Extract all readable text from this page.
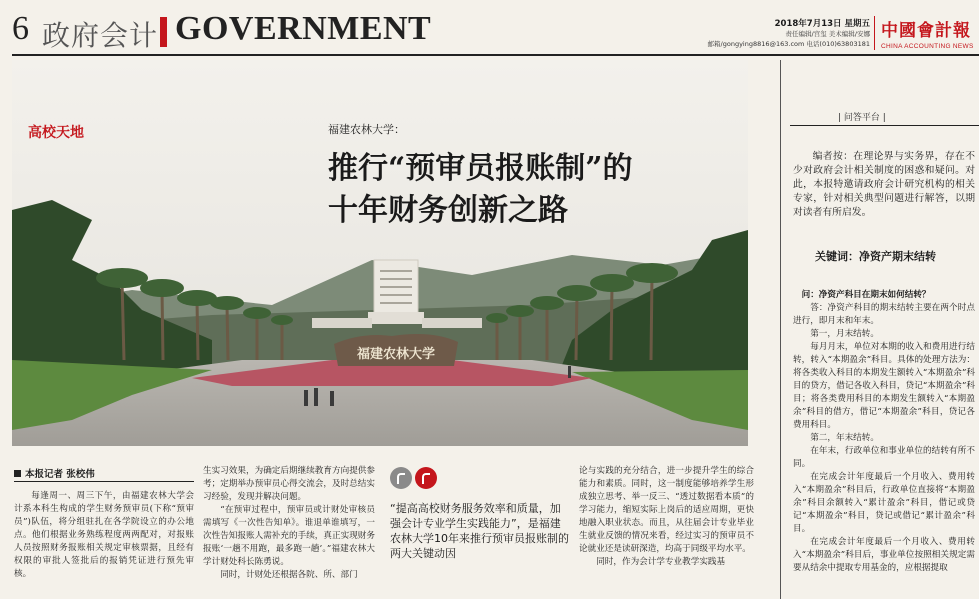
6 政府会计 GOVERNMENT	2018年7月13日 星期五
责任编辑/宫玺 美术编辑/安娜
邮箱/gongying8816@163.com 电话(010)63803181
中國會計報
CHINA ACCOUNTING NEWS
福建农林大学
高校天地	福建农林大学：
推行“预审员报账制”的
十年财务创新之路
本报记者 张校伟

每逢周一、周三下午，由福建农林大学会计系本科生构成的学生财务预审员(下称“预审员”)队伍，将分组驻扎在各学院设立的办公地点。他们根据业务熟练程度两两配对，对报账人员按照财务报账相关规定审核票据，且经有权限的审批人签批后的报销凭证进行预先审核。

生实习效果，为确定后期继续教育方向提供参考；定期举办预审员心得交流会，及时总结实习经验，发现并解决问题。

“在预审过程中，预审员或计财处审核员需填写《一次性告知单》。谁退单谁填写，一次性告知报账人需补充的手续，真正实现财务报账‘一趟不用跑，最多跑一趟’。”福建农林大学计财处科长陈勇说。

同时，计财处还根据各院、所、部门

“提高高校财务服务效率和质量，加强会计专业学生实践能力”，是福建农林大学10年来推行预审员报账制的两大关键动因

论与实践的充分结合，进一步提升学生的综合能力和素质。同时，这一制度能够培养学生形成独立思考、举一反三、“透过数据看本质”的学习能力，缩短实际上岗后的适应周期，更快地融入职业状态。而且，从往届会计专业毕业生就业反馈的情况来看，经过实习的预审员不论就业还是读研深造，均高于同级平均水平。

同时，作为会计学专业教学实践基

| 问答平台 |

编者按：在理论界与实务界，存在不少对政府会计相关制度的困惑和疑问。对此，本报特邀请政府会计研究机构的相关专家，针对相关典型问题进行解答，以期对读者有所启发。

关键词：净资产期末结转

问：净资产科目在期末如何结转？

答：净资产科目的期末结转主要在两个时点进行，即月末和年末。

第一，月末结转。

每月月末，单位对本期的收入和费用进行结转，转入“本期盈余”科目。具体的处理方法为：将各类收入科目的本期发生额转入“本期盈余”科目的贷方，借记各收入科目，贷记“本期盈余”科目；将各类费用科目的本期发生额转入“本期盈余”科目的借方，借记“本期盈余”科目，贷记各费用科目。

第二，年末结转。

在年末，行政单位和事业单位的结转有所不同。

在完成会计年度最后一个月收入、费用转入“本期盈余”科目后，行政单位直接将“本期盈余”科目余额转入“累计盈余”科目，借记或贷记“本期盈余”科目，贷记或借记“累计盈余”科目。

在完成会计年度最后一个月收入、费用转入“本期盈余”科目后，事业单位按照相关规定需要从结余中提取专用基金的，应根据提取
